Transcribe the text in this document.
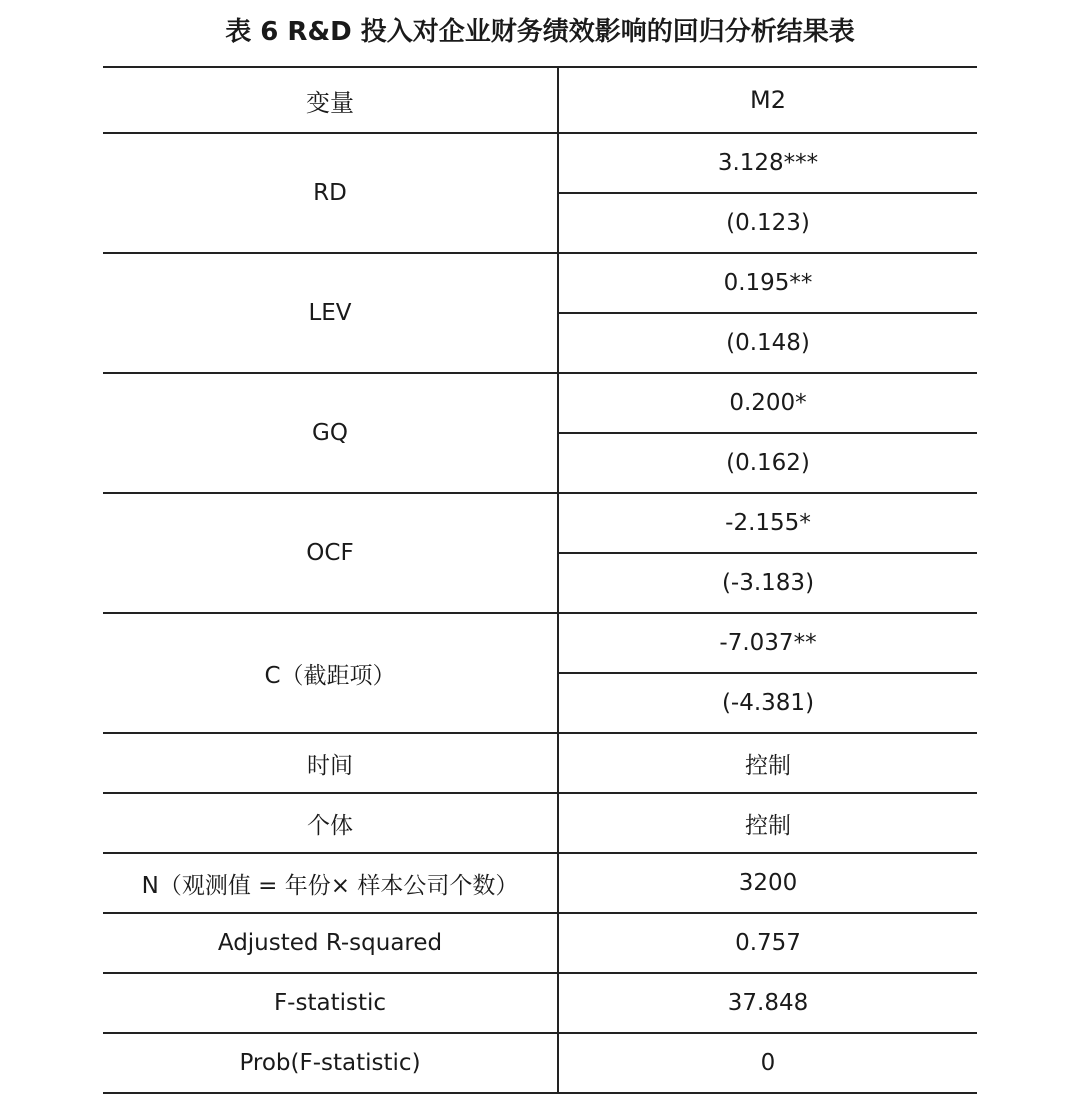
表 6 R&D 投入对企业财务绩效影响的回归分析结果表
变量	M2
RD	3.128***
	(0.123)
LEV	0.195**
	(0.148)
GQ	0.200*
	(0.162)
OCF	-2.155*
	(-3.183)
C（截距项）	-7.037**
	(-4.381)
时间	控制
个体	控制
N（观测值 = 年份× 样本公司个数）	3200
Adjusted R-squared	0.757
F-statistic	37.848
Prob(F-statistic)	0
